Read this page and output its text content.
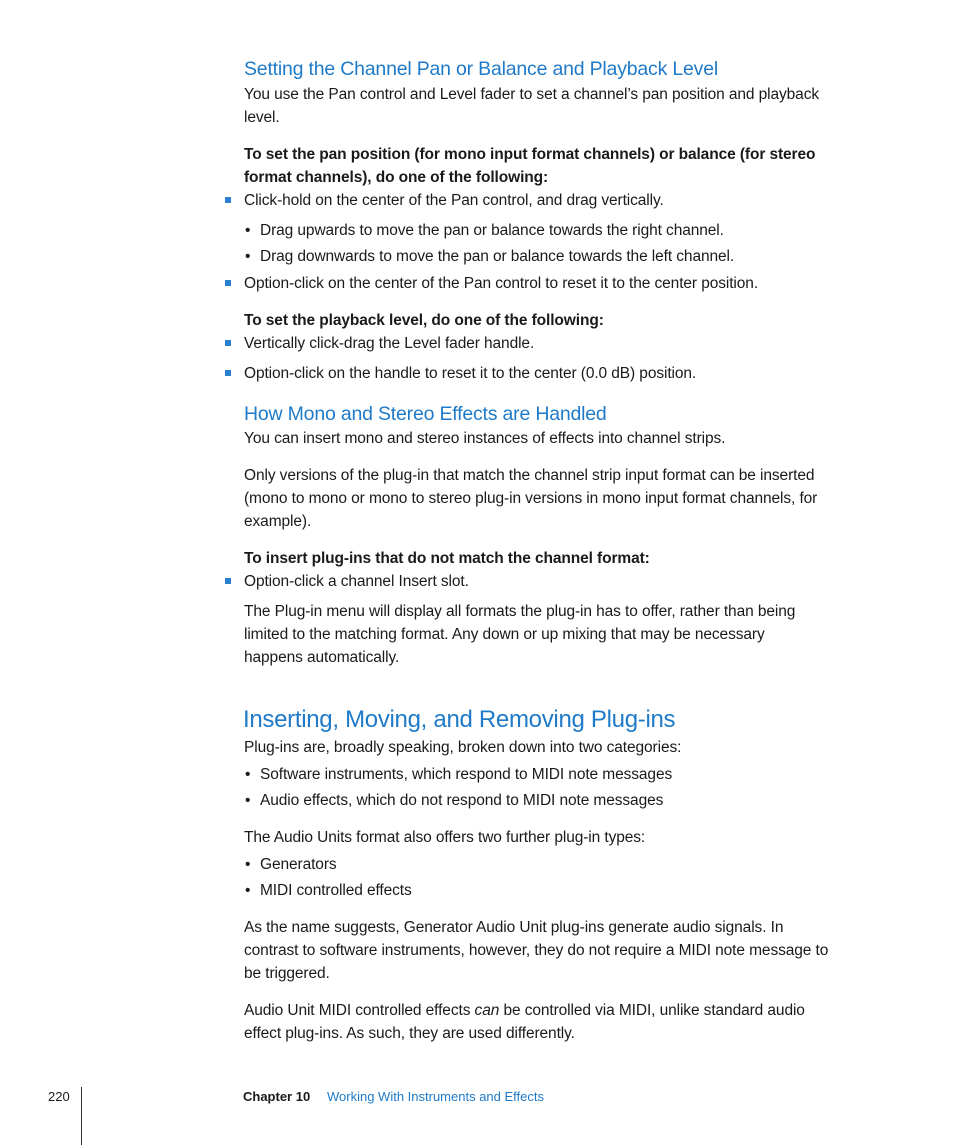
Setting the Channel Pan or Balance and Playback Level
You use the Pan control and Level fader to set a channel’s pan position and playback
level.
To set the pan position (for mono input format channels) or balance (for stereo
format channels), do one of the following:
Click-hold on the center of the Pan control, and drag vertically.
• Drag upwards to move the pan or balance towards the right channel.
• Drag downwards to move the pan or balance towards the left channel.
Option-click on the center of the Pan control to reset it to the center position.
To set the playback level, do one of the following:
Vertically click-drag the Level fader handle.
Option-click on the handle to reset it to the center (0.0 dB) position.
How Mono and Stereo Effects are Handled
You can insert mono and stereo instances of effects into channel strips.
Only versions of the plug-in that match the channel strip input format can be inserted
(mono to mono or mono to stereo plug-in versions in mono input format channels, for
example).
To insert plug-ins that do not match the channel format:
Option-click a channel Insert slot.
The Plug-in menu will display all formats the plug-in has to offer, rather than being
limited to the matching format. Any down or up mixing that may be necessary
happens automatically.
Inserting, Moving, and Removing Plug-ins
Plug-ins are, broadly speaking, broken down into two categories:
• Software instruments, which respond to MIDI note messages
• Audio effects, which do not respond to MIDI note messages
The Audio Units format also offers two further plug-in types:
• Generators
• MIDI controlled effects
As the name suggests, Generator Audio Unit plug-ins generate audio signals. In
contrast to software instruments, however, they do not require a MIDI note message to
be triggered.
Audio Unit MIDI controlled effects can be controlled via MIDI, unlike standard audio
effect plug-ins. As such, they are used differently.
220	Chapter 10 Working With Instruments and Effects
